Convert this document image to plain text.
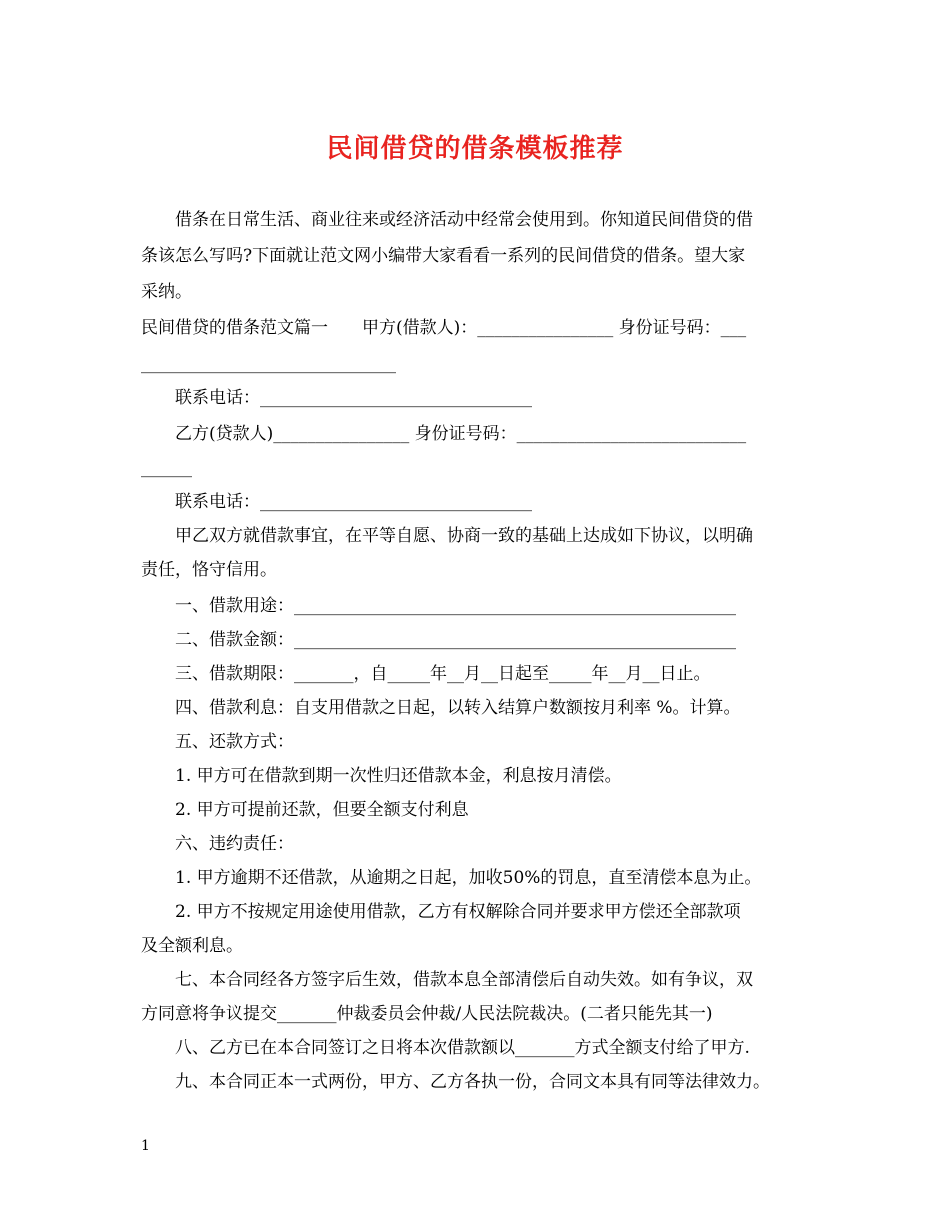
民间借贷的借条模板推荐
借条在日常生活、商业往来或经济活动中经常会使用到。你知道民间借贷的借
条该怎么写吗?下面就让范文网小编带大家看看一系列的民间借贷的借条。望大家
采纳。
民间借贷的借条范文篇一　　甲方(借款人)：________________ 身份证号码：___
______________________________
联系电话：________________________________
乙方(贷款人)________________ 身份证号码：___________________________
______
联系电话：________________________________
甲乙双方就借款事宜，在平等自愿、协商一致的基础上达成如下协议，以明确
责任，恪守信用。
一、借款用途：____________________________________________________
二、借款金额：____________________________________________________
三、借款期限：_______，自_____年__月__日起至_____年__月__日止。
四、借款利息：自支用借款之日起，以转入结算户数额按月利率 %。计算。
五、还款方式：
1. 甲方可在借款到期一次性归还借款本金，利息按月清偿。
2. 甲方可提前还款，但要全额支付利息
六、违约责任：
1. 甲方逾期不还借款，从逾期之日起，加收50%的罚息，直至清偿本息为止。
2. 甲方不按规定用途使用借款，乙方有权解除合同并要求甲方偿还全部款项
及全额利息。
七、本合同经各方签字后生效，借款本息全部清偿后自动失效。如有争议，双
方同意将争议提交_______仲裁委员会仲裁/人民法院裁决。(二者只能先其一)
八、乙方已在本合同签订之日将本次借款额以_______方式全额支付给了甲方.
九、本合同正本一式两份，甲方、乙方各执一份，合同文本具有同等法律效力。
1
